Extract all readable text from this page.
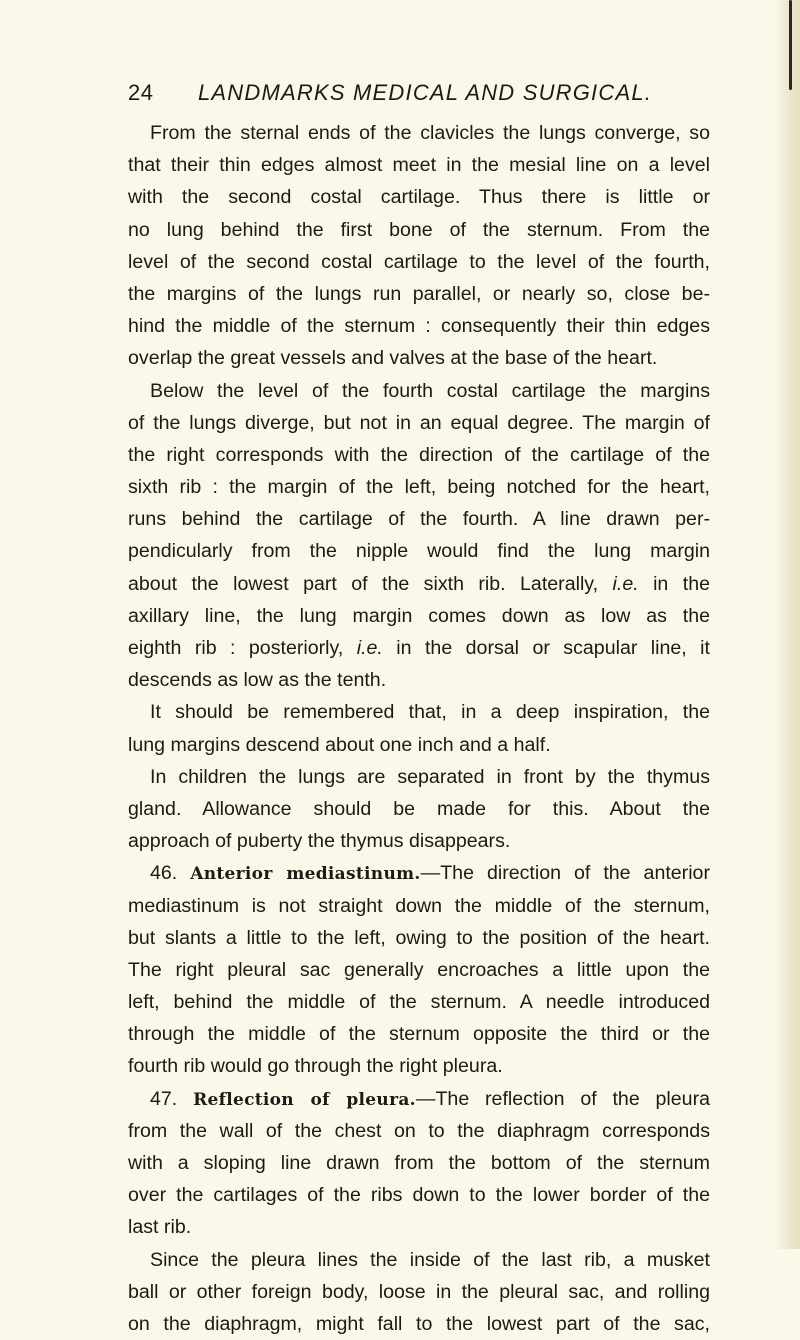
24 LANDMARKS MEDICAL AND SURGICAL.
From the sternal ends of the clavicles the lungs converge, so
that their thin edges almost meet in the mesial line on a level
with the second costal cartilage. Thus there is little or
no lung behind the first bone of the sternum. From the
level of the second costal cartilage to the level of the fourth,
the margins of the lungs run parallel, or nearly so, close be-
hind the middle of the sternum : consequently their thin edges
overlap the great vessels and valves at the base of the heart.
Below the level of the fourth costal cartilage the margins
of the lungs diverge, but not in an equal degree. The margin of
the right corresponds with the direction of the cartilage of the
sixth rib : the margin of the left, being notched for the heart,
runs behind the cartilage of the fourth. A line drawn per-
pendicularly from the nipple would find the lung margin
about the lowest part of the sixth rib. Laterally, i.e. in the
axillary line, the lung margin comes down as low as the
eighth rib : posteriorly, i.e. in the dorsal or scapular line, it
descends as low as the tenth.
It should be remembered that, in a deep inspiration, the
lung margins descend about one inch and a half.
In children the lungs are separated in front by the thymus
gland. Allowance should be made for this. About the
approach of puberty the thymus disappears.
46. Anterior mediastinum.—The direction of the anterior
mediastinum is not straight down the middle of the sternum,
but slants a little to the left, owing to the position of the heart.
The right pleural sac generally encroaches a little upon the
left, behind the middle of the sternum. A needle introduced
through the middle of the sternum opposite the third or the
fourth rib would go through the right pleura.
47. Reflection of pleura.—The reflection of the pleura
from the wall of the chest on to the diaphragm corresponds
with a sloping line drawn from the bottom of the sternum
over the cartilages of the ribs down to the lower border of the
last rib.
Since the pleura lines the inside of the last rib, a musket
ball or other foreign body, loose in the pleural sac, and rolling
on the diaphragm, might fall to the lowest part of the sac,
